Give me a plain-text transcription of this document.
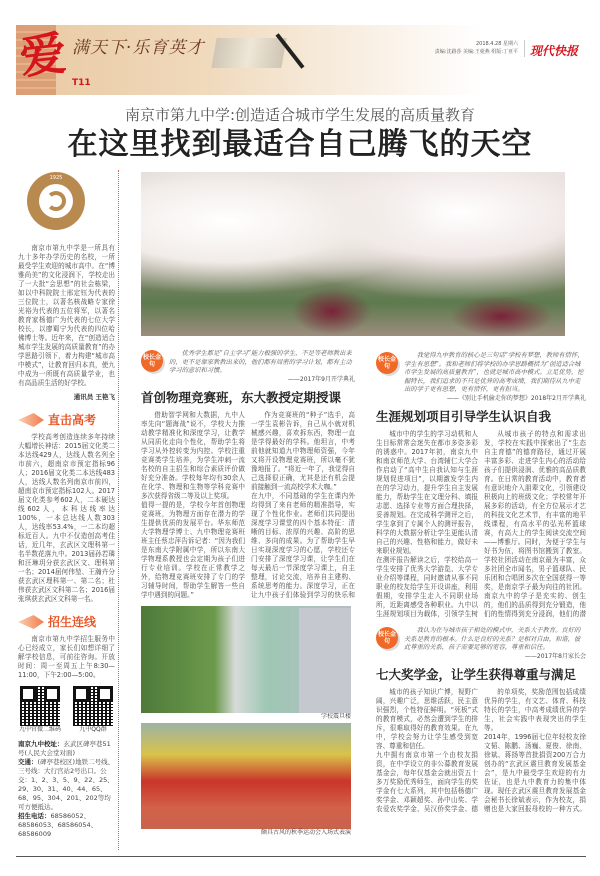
爱 满天下·乐育英才
T11
2018.4.28 星期六
责编:沈路莎 美编:王菀燕 组版:丁亚平 现代快报
南京市第九中学:创造适合城市学生发展的高质量教育
在这里找到最适合自己腾飞的天空
1925
南京市第九中学是一所具有九十多年办学历史的名校，一所最受学生欢迎的城市高中。在“博雅尚美”的文化浸润下，学校走出了一大批“会思想”的社会栋梁，如以中科院院士邢定钰为代表的三位院士，以著名核战略专家徐光裕为代表的五位将军，以著名教育家杨德广为代表的七位大学校长，以廖蜀宁为代表的四位哈佛博士等。近年来，在“创造适合城市学生发展的高质量教育”的办学思路引领下，着力构建“城市高中模式”，让教育回归本真，使九中成为一所既有高质量学业，也有高品质生活的好学校。
通讯员 王艳飞
直击高考
学校高考创造连续多年持续大幅增长神话：2015届文化类二本达线429人，达线人数名列全市前六，超南京市预定指标96人；2016届文化类二本达线483人，达线人数名列南京市前四，超南京市预定指标102人。2017届文化类参考602人，二本硬达线602人，本科达线率达100%，一本总达线人数303人，达线率53.4%，一二本均超标近百人。九中不仅造创高考佳话，近几年，玄武区文理科第一名半数花落九中。2013届孙若璘和汪琳玥分获玄武区文、理科第一名；2014届何伟堃、王瀚卉分获玄武区理科第一、第二名；杜伟获玄武区文科第二名；2016届张琪获玄武区文科第一名。
招生连线
南京市第九中学招生服务中心已经成立，家长们如想详细了解学校信息，可前往咨询。开放时间：周一至周五上午8:30—11:00，下午2:00—5:00。
九中官微二维码	九中QQ群
南京九中校址：玄武区碑亭巷51号(人民大会堂对面)
交通：(碑亭巷校区)地铁二号线、三号线：大行宫站2号出口。公交：1、2、3、5、9、22、25、29、30、31、40、44、65、68、95、304、201、202等均可方便抵达。
招生电话：68586052、68586053、68586054、68586009
校长金句
优秀学生都是“自主学习”能力极强的学生，不是等老师教出来的，更不是靠家教教出来的，他们都有周密的学习计划，都有主动学习的意识和习惯。
——2017年9月开学典礼
首创物理竞赛班，东大教授定期授课
借助智学网和大数据，九中人率先向“题海战”说不，学校大力推动教学精准化和深度学习，让教学从同质化走向个性化，帮助学生将学习从外控转变为内控。学校注重竞赛类学生培养，为学生冲刺一流名校的自主招生和综合素质评价做好充分准备。学校每年均有30余人在化学、物理和生物等学科竞赛中多次获得省级二等及以上奖项。
值得一提的是，学校今年首创物理竞赛班，为物理方面存在潜力的学生提供优质的发展平台。华东师范大学物理学博士、九中物理竞赛班班主任蔡忠萍告诉记者：“因为我们是东南大学附属中学，所以东南大学物理系教授也会定期为孩子们进行专业培训。学校在正常教学之外，给物理竞赛班安排了专门的学习辅导时间，帮助学生解答一些自学中遇到的问题。”
作为竞赛班的“种子”选手，高一学生袁彬告诉，自己从小就对机械感兴趣，喜欢拆东西，物理一直是学得最好的学科。他坦言，中考前他就知道九中物理师资强，今年又将开设物理竞赛班，所以毫不犹豫地报了。“将近一年了，我觉得自己选择很正确，尤其是还有机会提前接触到一流高校学术大咖。”
在九中，不同基础的学生在课内外均得到了来自老师的精准指导，实现了个性化作业。老师们共同提出深度学习课堂的四个基本特征：清晰的目标、浓厚的兴趣、高阶的思维、多向的成果。为了帮助学生早日实现深度学习的心愿，学校还专门安排了深度学习课，让学生们在每天最后一节深度学习课上，自主整理，讨论交流，培养自主建构、系统思考的能力。深度学习，正在让九中孩子们体验到学习的快乐和
学校震旦楼
颇具古风的秋季运动会入场式表演
校长金句
我觉得九中教育的核心是三句话“学校有梦想，教师有情怀，学生有思想”。我和老师们将学校的办学思路概括为“创造适合城市学生发展的高质量教育”，也就是城市高中模式。立足优势，挖掘特长，我们追求的不只是优异的高考成绩，我们期待从九中走出的学子更有思想，更有情怀，更有担当。
——《别让手机偷走你的梦想》2018年2月开学典礼
生涯规划项目引导学生认识自我
城市中的学生的学习动机和人生目标常常会迷失在都市多姿多彩的诱惑中。2017年初，南京九中和南京师范大学、台湾辅仁大学合作启动了“高中生自我认知与生涯规划促进项目”，以期激发学生内在的学习动力，提升学生自主发展能力，帮助学生在文理分科、填报志愿、选择专业等方面合理抉择，妥善规划。在完成科学测评之后，学生拿到了专属个人的测评报告，科学的大数据分析让学生更能认清自己的兴趣、性格和能力，做好未来职业规划。
在测评报告解读之后，学校给高一学生安排了优秀大学游览、大学专业介绍等课程，同时邀请从事不同职业的校友给学生开设讲座，利用假期，安排学生走入不同职业场所，近距离感受各种职业。九中以生涯规划项目为载体，引领学生树
从城市孩子的特点和需求出发，学校在实践中探索出了“生态自主育德”的德育路径，通过开展丰富多彩、走进学生内心的活动给孩子们提供浸润、优雅的高品质教育。在日常的教育活动中，教育者有意识地介入朋辈文化，引领建设积极向上的班级文化；学校常年开展多彩的活动，有全方位展示才艺的科技文化艺术节，有丰富的地平线课程，有高水平的弘光杯篮球赛，有高大上的学生阅读交流空间——博雅厅。同时，为便于学生与好书为伍，将图书馆搬到了教室。学校社团活动在南京最为丰富，众多社团全市闻名，男子篮球队、民乐团和合唱团多次在全国获得一等奖，是南京学子最为向往的社团。南京九中的学子是充实的、创生的，他们的品质得到充分锻造，他们的性情得到充分浸润，他们的潜
校长金句
我认为在与城市孩子相处的模式中，关系大于教育。良好的关系是教育的根本。什么是良好的关系？是相对自由，和谐，彼此尊重的关系，孩子需要足够的宽容，尊重和信任。
——2017年8月家长会
七大奖学金，让学生获得尊重与满足
城市的孩子知识广博，视野广阔，兴趣广泛，思维活跃，民主意识强烈，个性特征鲜明。“死板”式的教育模式，必然会遭到学生的排斥，很难取得好的教育效果。在九中，学校会努力让学生感受到宽容、尊重和信任。
九中拥有南京市第一个由校友捐资，在中学设立的非公募教育发展基金会，每年仅基金会就出资五十多万奖励优秀师生，面向学生的奖学金有七大系列，其中包括杨德广奖学金、邓颖超奖、孙中山奖、学农爱农奖学金、吴汉侨奖学金、德
的单项奖，奖励范围包括成绩优异的学生，有文艺、体育、科技特长的学生，中高考成绩优异的学生，社会实践中表现突出的学生等。
2014年，1996届七位年轻校友徐文韬、陈鹏、汤巍、夏俊、徐南、徐斌、蒋扬等首批捐资200万合力创办的“玄武区震旦教育发展基金会”，是九中最受学生欢迎的有力佐证，也是九中教育力的集中体现。现任玄武区震旦教育发展基金会秘书长徐斌表示，作为校友，捐赠也是大家回报母校的一种方式。
